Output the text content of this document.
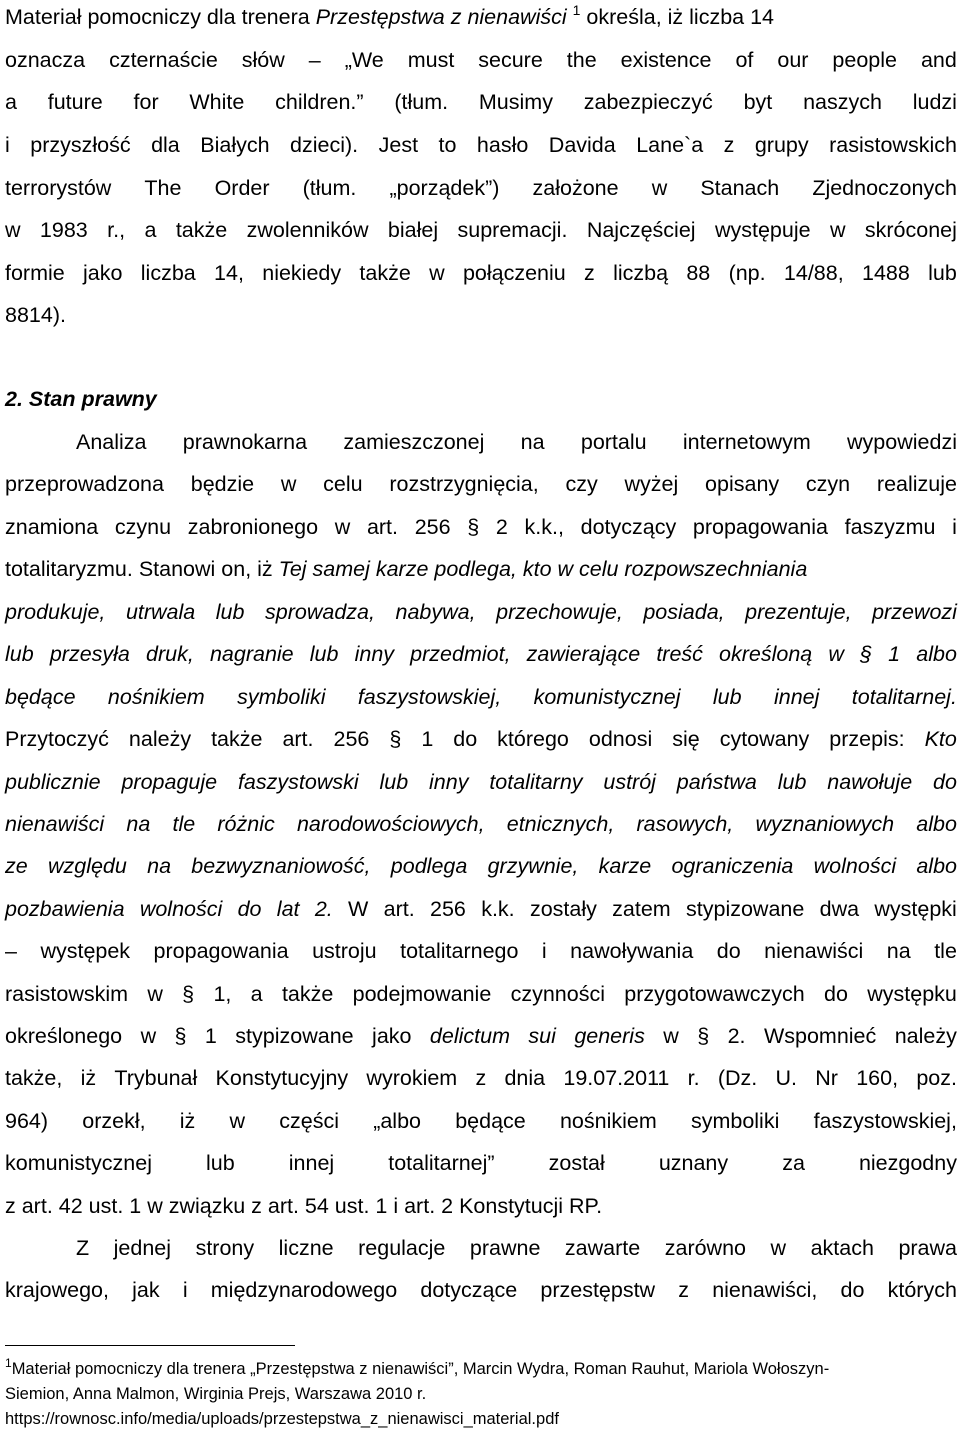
Materiał pomocniczy dla trenera Przestępstwa z nienawiści $^1$ określa, iż liczba 14
oznacza czternaście słów – „We must secure the existence of our people and
a future for White children.” (tłum. Musimy zabezpieczyć byt naszych ludzi
i przyszłość dla Białych dzieci). Jest to hasło Davida Lane`a z grupy rasistowskich
terrorystów The Order (tłum. „porządek”) założone w Stanach Zjednoczonych
w 1983 r., a także zwolenników białej supremacji. Najczęściej występuje w skróconej
formie jako liczba 14, niekiedy także w połączeniu z liczbą 88 (np. 14/88, 1488 lub
8814).
Analiza prawnokarna zamieszczonej na portalu internetowym wypowiedzi
przeprowadzona będzie w celu rozstrzygnięcia, czy wyżej opisany czyn realizuje
znamiona czynu zabronionego w art. 256 § 2 k.k., dotyczący propagowania faszyzmu i
totalitaryzmu. Stanowi on, iż Tej samej karze podlega, kto w celu rozpowszechniania
produkuje, utrwala lub sprowadza, nabywa, przechowuje, posiada, prezentuje, przewozi
lub przesyła druk, nagranie lub inny przedmiot, zawierające treść określoną w § 1 albo
będące nośnikiem symboliki faszystowskiej, komunistycznej lub innej totalitarnej.
Przytoczyć należy także art. 256 § 1 do którego odnosi się cytowany przepis: Kto
publicznie propaguje faszystowski lub inny totalitarny ustrój państwa lub nawołuje do
nienawiści na tle różnic narodowościowych, etnicznych, rasowych, wyznaniowych albo
ze względu na bezwyznaniowość, podlega grzywnie, karze ograniczenia wolności albo
pozbawienia wolności do lat 2. W art. 256 k.k. zostały zatem stypizowane dwa występki
– występek propagowania ustroju totalitarnego i nawoływania do nienawiści na tle
rasistowskim w § 1, a także podejmowanie czynności przygotowawczych do występku
określonego w § 1 stypizowane jako delictum sui generis w § 2. Wspomnieć należy
także, iż Trybunał Konstytucyjny wyrokiem z dnia 19.07.2011 r. (Dz. U. Nr 160, poz.
964) orzekł, iż w części „albo będące nośnikiem symboliki faszystowskiej,
komunistycznej	lub	innej	totalitarnej”	został	uznany	za	niezgodny
z art. 42 ust. 1 w związku z art. 54 ust. 1 i art. 2 Konstytucji RP.
Z jednej strony liczne regulacje prawne zawarte zarówno w aktach prawa
krajowego, jak i międzynarodowego dotyczące przestępstw z nienawiści, do których
2. Stan prawny
$^1$Materiał pomocniczy dla trenera „Przestępstwa z nienawiści”, Marcin Wydra, Roman Rauhut, Mariola Wołoszyn-
Siemion, Anna Malmon, Wirginia Prejs, Warszawa 2010 r.
https://rownosc.info/media/uploads/przestepstwa_z_nienawisci_material.pdf
